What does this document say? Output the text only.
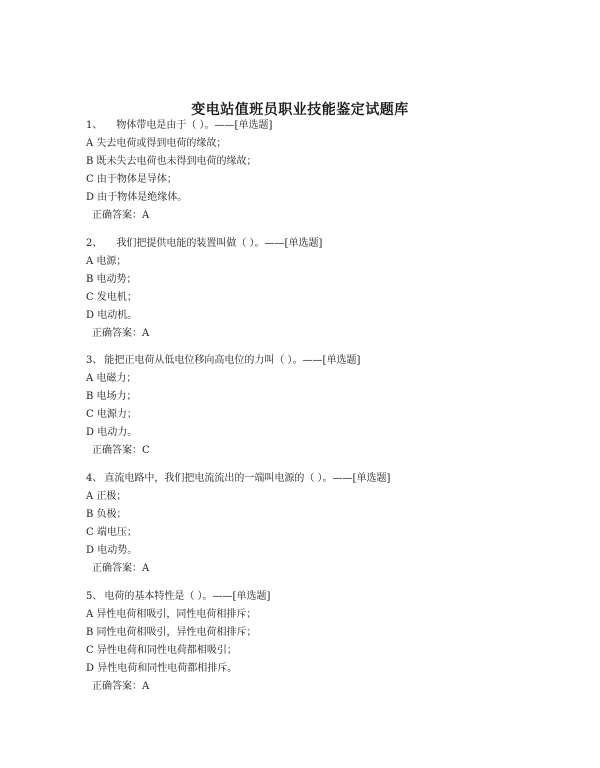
变电站值班员职业技能鉴定试题库
1、 物体带电是由于（ ）。——[单选题]
A 失去电荷或得到电荷的缘故；
B 既未失去电荷也未得到电荷的缘故；
C 由于物体是导体；
D 由于物体是绝缘体。
正确答案：A
2、 我们把提供电能的装置叫做（ ）。——[单选题]
A 电源；
B 电动势；
C 发电机；
D 电动机。
正确答案：A
3、 能把正电荷从低电位移向高电位的力叫（ ）。——[单选题]
A 电磁力；
B 电场力；
C 电源力；
D 电动力。
正确答案：C
4、 直流电路中，我们把电流流出的一端叫电源的（ ）。——[单选题]
A 正极；
B 负极；
C 端电压；
D 电动势。
正确答案：A
5、 电荷的基本特性是（ ）。——[单选题]
A 异性电荷相吸引，同性电荷相排斥；
B 同性电荷相吸引，异性电荷相排斥；
C 异性电荷和同性电荷都相吸引；
D 异性电荷和同性电荷都相排斥。
正确答案：A
